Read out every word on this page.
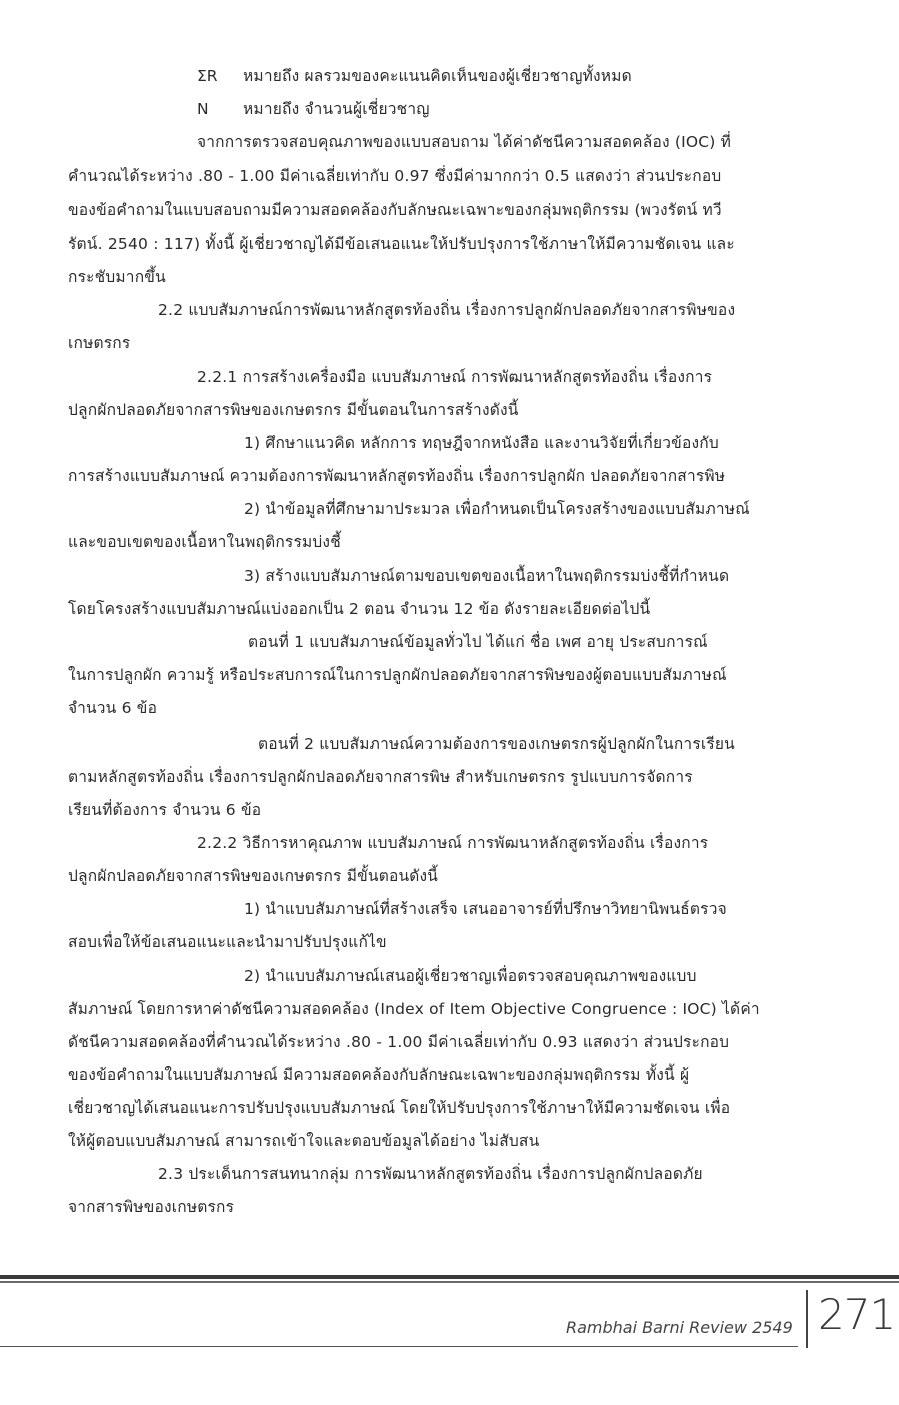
ΣR หมายถึง ผลรวมของคะแนนคิดเห็นของผู้เชี่ยวชาญทั้งหมด
N หมายถึง จำนวนผู้เชี่ยวชาญ
จากการตรวจสอบคุณภาพของแบบสอบถาม ได้ค่าดัชนีความสอดคล้อง (IOC) ที่
คำนวณได้ระหว่าง .80 - 1.00 มีค่าเฉลี่ยเท่ากับ 0.97 ซึ่งมีค่ามากกว่า 0.5 แสดงว่า ส่วนประกอบ
ของข้อคำถามในแบบสอบถามมีความสอดคล้องกับลักษณะเฉพาะของกลุ่มพฤติกรรม (พวงรัตน์ ทวี
รัตน์. 2540 : 117) ทั้งนี้ ผู้เชี่ยวชาญได้มีข้อเสนอแนะให้ปรับปรุงการใช้ภาษาให้มีความชัดเจน และ
กระชับมากขึ้น
2.2 แบบสัมภาษณ์การพัฒนาหลักสูตรท้องถิ่น เรื่องการปลูกผักปลอดภัยจากสารพิษของ
เกษตรกร
2.2.1 การสร้างเครื่องมือ แบบสัมภาษณ์ การพัฒนาหลักสูตรท้องถิ่น เรื่องการ
ปลูกผักปลอดภัยจากสารพิษของเกษตรกร มีขั้นตอนในการสร้างดังนี้
1) ศึกษาแนวคิด หลักการ ทฤษฎีจากหนังสือ และงานวิจัยที่เกี่ยวข้องกับ
การสร้างแบบสัมภาษณ์ ความต้องการพัฒนาหลักสูตรท้องถิ่น เรื่องการปลูกผัก ปลอดภัยจากสารพิษ
2) นำข้อมูลที่ศึกษามาประมวล เพื่อกำหนดเป็นโครงสร้างของแบบสัมภาษณ์
และขอบเขตของเนื้อหาในพฤติกรรมบ่งชี้
3) สร้างแบบสัมภาษณ์ตามขอบเขตของเนื้อหาในพฤติกรรมบ่งชี้ที่กำหนด
โดยโครงสร้างแบบสัมภาษณ์แบ่งออกเป็น 2 ตอน จำนวน 12 ข้อ ดังรายละเอียดต่อไปนี้
ตอนที่ 1 แบบสัมภาษณ์ข้อมูลทั่วไป ได้แก่ ชื่อ เพศ อายุ ประสบการณ์
ในการปลูกผัก ความรู้ หรือประสบการณ์ในการปลูกผักปลอดภัยจากสารพิษของผู้ตอบแบบสัมภาษณ์
จำนวน 6 ข้อ
ตอนที่ 2 แบบสัมภาษณ์ความต้องการของเกษตรกรผู้ปลูกผักในการเรียน
ตามหลักสูตรท้องถิ่น เรื่องการปลูกผักปลอดภัยจากสารพิษ สำหรับเกษตรกร รูปแบบการจัดการ
เรียนที่ต้องการ จำนวน 6 ข้อ
2.2.2 วิธีการหาคุณภาพ แบบสัมภาษณ์ การพัฒนาหลักสูตรท้องถิ่น เรื่องการ
ปลูกผักปลอดภัยจากสารพิษของเกษตรกร มีขั้นตอนดังนี้
1) นำแบบสัมภาษณ์ที่สร้างเสร็จ เสนออาจารย์ที่ปรึกษาวิทยานิพนธ์ตรวจ
สอบเพื่อให้ข้อเสนอแนะและนำมาปรับปรุงแก้ไข
2) นำแบบสัมภาษณ์เสนอผู้เชี่ยวชาญเพื่อตรวจสอบคุณภาพของแบบ
สัมภาษณ์ โดยการหาค่าดัชนีความสอดคล้อง (Index of Item Objective Congruence : IOC) ได้ค่า
ดัชนีความสอดคล้องที่คำนวณได้ระหว่าง .80 - 1.00 มีค่าเฉลี่ยเท่ากับ 0.93 แสดงว่า ส่วนประกอบ
ของข้อคำถามในแบบสัมภาษณ์ มีความสอดคล้องกับลักษณะเฉพาะของกลุ่มพฤติกรรม ทั้งนี้ ผู้
เชี่ยวชาญได้เสนอแนะการปรับปรุงแบบสัมภาษณ์ โดยให้ปรับปรุงการใช้ภาษาให้มีความชัดเจน เพื่อ
ให้ผู้ตอบแบบสัมภาษณ์ สามารถเข้าใจและตอบข้อมูลได้อย่าง ไม่สับสน
2.3 ประเด็นการสนทนากลุ่ม การพัฒนาหลักสูตรท้องถิ่น เรื่องการปลูกผักปลอดภัย
จากสารพิษของเกษตรกร
Rambhai Barni Review 2549 271
